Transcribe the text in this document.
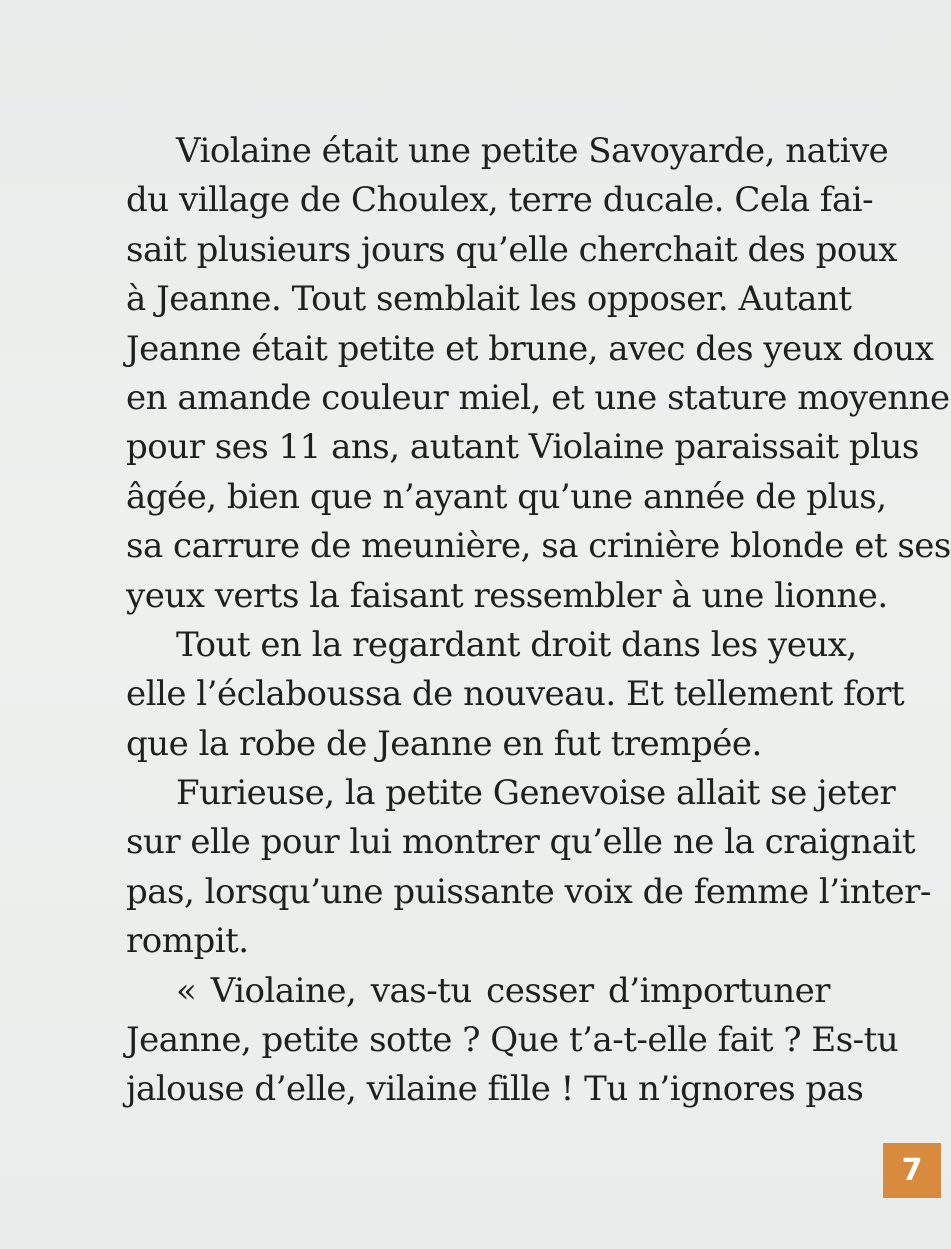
Violaine était une petite Savoyarde, native
du village de Choulex, terre ducale. Cela fai-
sait plusieurs jours qu’elle cherchait des poux
à Jeanne. Tout semblait les opposer. Autant
Jeanne était petite et brune, avec des yeux doux
en amande couleur miel, et une stature moyenne
pour ses 11 ans, autant Violaine paraissait plus
âgée, bien que n’ayant qu’une année de plus,
sa carrure de meunière, sa crinière blonde et ses
yeux verts la faisant ressembler à une lionne.
Tout en la regardant droit dans les yeux,
elle l’éclaboussa de nouveau. Et tellement fort
que la robe de Jeanne en fut trempée.
Furieuse, la petite Genevoise allait se jeter
sur elle pour lui montrer qu’elle ne la craignait
pas, lorsqu’une puissante voix de femme l’inter-
rompit.
« Violaine, vas-tu cesser d’importuner
Jeanne, petite sotte ? Que t’a-t-elle fait ? Es-tu
jalouse d’elle, vilaine fille ! Tu n’ignores pas
7
